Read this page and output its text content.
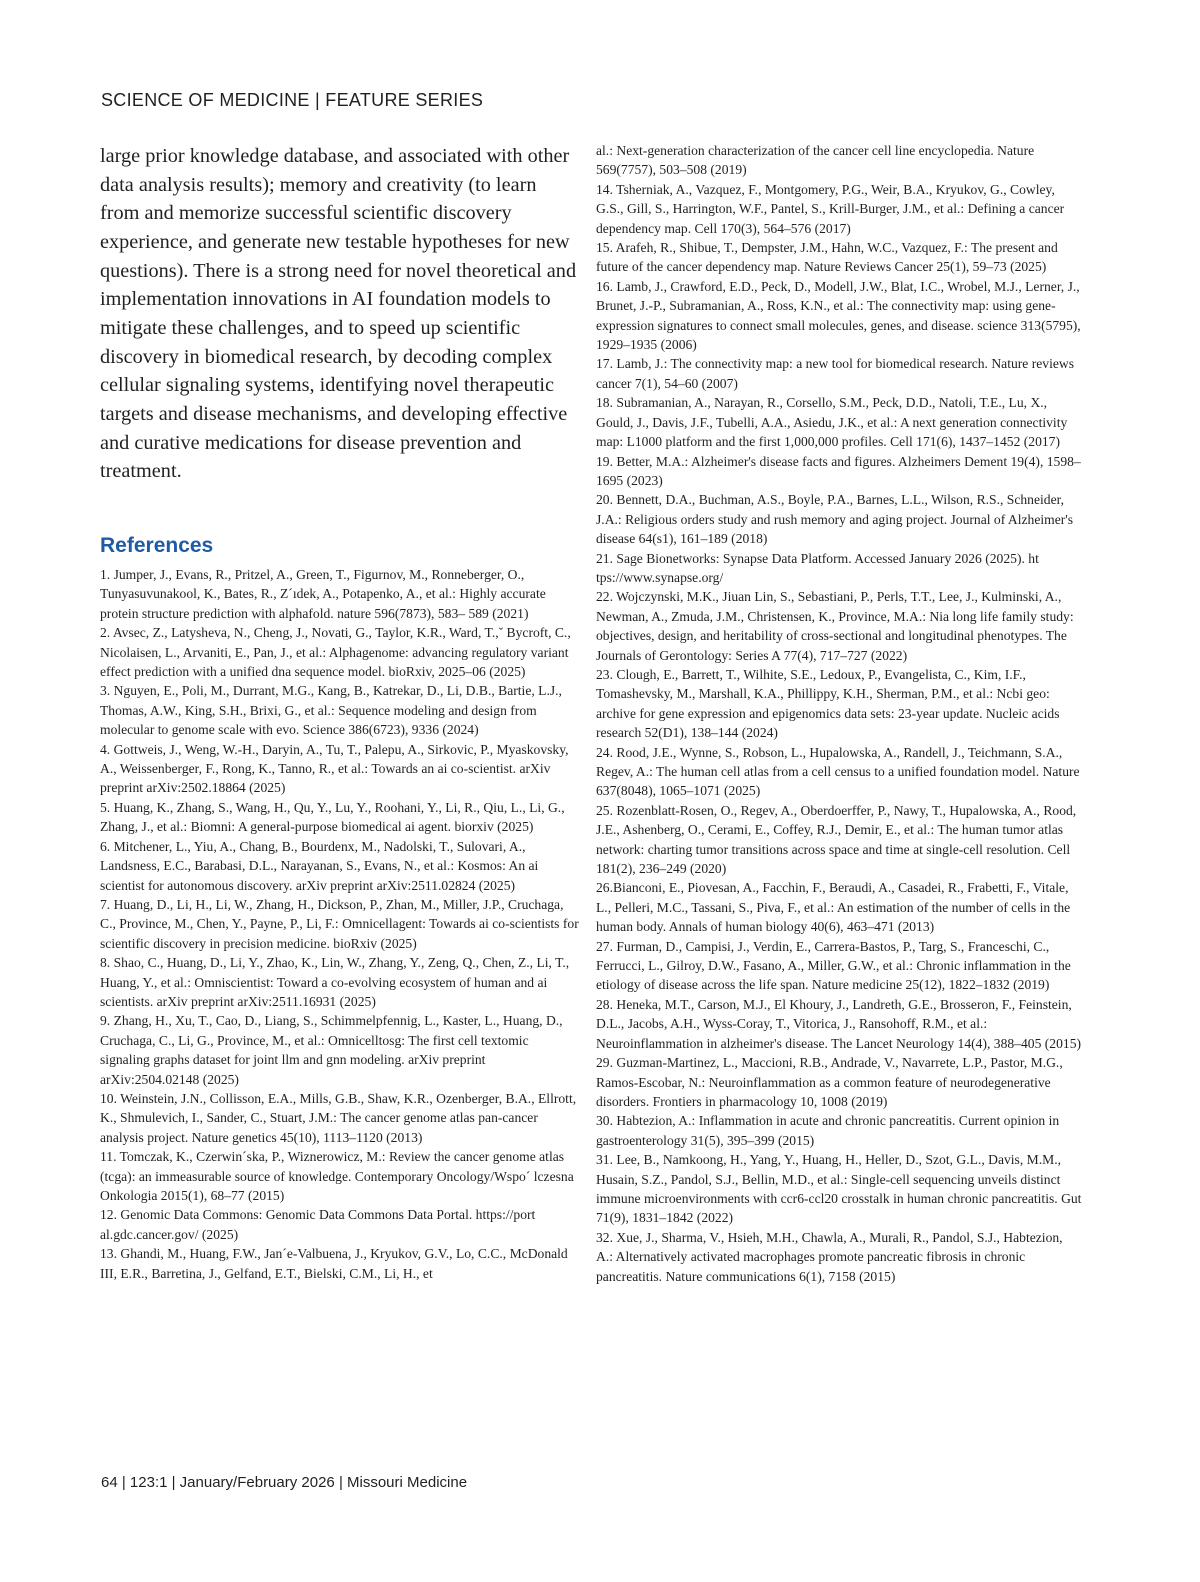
SCIENCE OF MEDICINE | FEATURE SERIES

large prior knowledge database, and associated with other data analysis results); memory and creativity (to learn from and memorize successful scientific discovery experience, and generate new testable hypotheses for new questions). There is a strong need for novel theoretical and implementation innovations in AI foundation models to mitigate these challenges, and to speed up scientific discovery in biomedical research, by decoding complex cellular signaling systems, identifying novel therapeutic targets and disease mechanisms, and developing effective and curative medications for disease prevention and treatment.

References

1. Jumper, J., Evans, R., Pritzel, A., Green, T., Figurnov, M., Ronneberger, O., Tunyasuvunakool, K., Bates, R., Z´ıdek, A., Potapenko, A., et al.: Highly accurate protein structure prediction with alphafold. nature 596(7873), 583– 589 (2021)

2. Avsec, Z., Latysheva, N., Cheng, J., Novati, G., Taylor, K.R., Ward, T.,ˇ Bycroft, C., Nicolaisen, L., Arvaniti, E., Pan, J., et al.: Alphagenome: advancing regulatory variant effect prediction with a unified dna sequence model. bioRxiv, 2025–06 (2025)

3. Nguyen, E., Poli, M., Durrant, M.G., Kang, B., Katrekar, D., Li, D.B., Bartie, L.J., Thomas, A.W., King, S.H., Brixi, G., et al.: Sequence modeling and design from molecular to genome scale with evo. Science 386(6723), 9336 (2024)

4. Gottweis, J., Weng, W.-H., Daryin, A., Tu, T., Palepu, A., Sirkovic, P., Myaskovsky, A., Weissenberger, F., Rong, K., Tanno, R., et al.: Towards an ai co-scientist. arXiv preprint arXiv:2502.18864 (2025)

5. Huang, K., Zhang, S., Wang, H., Qu, Y., Lu, Y., Roohani, Y., Li, R., Qiu, L., Li, G., Zhang, J., et al.: Biomni: A general-purpose biomedical ai agent. biorxiv (2025)

6. Mitchener, L., Yiu, A., Chang, B., Bourdenx, M., Nadolski, T., Sulovari, A., Landsness, E.C., Barabasi, D.L., Narayanan, S., Evans, N., et al.: Kosmos: An ai scientist for autonomous discovery. arXiv preprint arXiv:2511.02824 (2025)

7. Huang, D., Li, H., Li, W., Zhang, H., Dickson, P., Zhan, M., Miller, J.P., Cruchaga, C., Province, M., Chen, Y., Payne, P., Li, F.: Omnicellagent: Towards ai co-scientists for scientific discovery in precision medicine. bioRxiv (2025)

8. Shao, C., Huang, D., Li, Y., Zhao, K., Lin, W., Zhang, Y., Zeng, Q., Chen, Z., Li, T., Huang, Y., et al.: Omniscientist: Toward a co-evolving ecosystem of human and ai scientists. arXiv preprint arXiv:2511.16931 (2025)

9. Zhang, H., Xu, T., Cao, D., Liang, S., Schimmelpfennig, L., Kaster, L., Huang, D., Cruchaga, C., Li, G., Province, M., et al.: Omnicelltosg: The first cell textomic signaling graphs dataset for joint llm and gnn modeling. arXiv preprint arXiv:2504.02148 (2025)

10. Weinstein, J.N., Collisson, E.A., Mills, G.B., Shaw, K.R., Ozenberger, B.A., Ellrott, K., Shmulevich, I., Sander, C., Stuart, J.M.: The cancer genome atlas pan-cancer analysis project. Nature genetics 45(10), 1113–1120 (2013)

11. Tomczak, K., Czerwin´ska, P., Wiznerowicz, M.: Review the cancer genome atlas (tcga): an immeasurable source of knowledge. Contemporary Oncology/Wspo´ lczesna Onkologia 2015(1), 68–77 (2015)

12. Genomic Data Commons: Genomic Data Commons Data Portal. https://port al.gdc.cancer.gov/ (2025)

13. Ghandi, M., Huang, F.W., Jan´e-Valbuena, J., Kryukov, G.V., Lo, C.C., McDonald III, E.R., Barretina, J., Gelfand, E.T., Bielski, C.M., Li, H., et

al.: Next-generation characterization of the cancer cell line encyclopedia. Nature 569(7757), 503–508 (2019)

14. Tsherniak, A., Vazquez, F., Montgomery, P.G., Weir, B.A., Kryukov, G., Cowley, G.S., Gill, S., Harrington, W.F., Pantel, S., Krill-Burger, J.M., et al.: Defining a cancer dependency map. Cell 170(3), 564–576 (2017)

15. Arafeh, R., Shibue, T., Dempster, J.M., Hahn, W.C., Vazquez, F.: The present and future of the cancer dependency map. Nature Reviews Cancer 25(1), 59–73 (2025)

16. Lamb, J., Crawford, E.D., Peck, D., Modell, J.W., Blat, I.C., Wrobel, M.J., Lerner, J., Brunet, J.-P., Subramanian, A., Ross, K.N., et al.: The connectivity map: using gene-expression signatures to connect small molecules, genes, and disease. science 313(5795), 1929–1935 (2006)

17. Lamb, J.: The connectivity map: a new tool for biomedical research. Nature reviews cancer 7(1), 54–60 (2007)

18. Subramanian, A., Narayan, R., Corsello, S.M., Peck, D.D., Natoli, T.E., Lu, X., Gould, J., Davis, J.F., Tubelli, A.A., Asiedu, J.K., et al.: A next generation connectivity map: L1000 platform and the first 1,000,000 profiles. Cell 171(6), 1437–1452 (2017)

19. Better, M.A.: Alzheimer's disease facts and figures. Alzheimers Dement 19(4), 1598–1695 (2023)

20. Bennett, D.A., Buchman, A.S., Boyle, P.A., Barnes, L.L., Wilson, R.S., Schneider, J.A.: Religious orders study and rush memory and aging project. Journal of Alzheimer's disease 64(s1), 161–189 (2018)

21. Sage Bionetworks: Synapse Data Platform. Accessed January 2026 (2025). ht tps://www.synapse.org/

22. Wojczynski, M.K., Jiuan Lin, S., Sebastiani, P., Perls, T.T., Lee, J., Kulminski, A., Newman, A., Zmuda, J.M., Christensen, K., Province, M.A.: Nia long life family study: objectives, design, and heritability of cross-sectional and longitudinal phenotypes. The Journals of Gerontology: Series A 77(4), 717–727 (2022)

23. Clough, E., Barrett, T., Wilhite, S.E., Ledoux, P., Evangelista, C., Kim, I.F., Tomashevsky, M., Marshall, K.A., Phillippy, K.H., Sherman, P.M., et al.: Ncbi geo: archive for gene expression and epigenomics data sets: 23-year update. Nucleic acids research 52(D1), 138–144 (2024)

24. Rood, J.E., Wynne, S., Robson, L., Hupalowska, A., Randell, J., Teichmann, S.A., Regev, A.: The human cell atlas from a cell census to a unified foundation model. Nature 637(8048), 1065–1071 (2025)

25. Rozenblatt-Rosen, O., Regev, A., Oberdoerffer, P., Nawy, T., Hupalowska, A., Rood, J.E., Ashenberg, O., Cerami, E., Coffey, R.J., Demir, E., et al.: The human tumor atlas network: charting tumor transitions across space and time at single-cell resolution. Cell 181(2), 236–249 (2020)

26.Bianconi, E., Piovesan, A., Facchin, F., Beraudi, A., Casadei, R., Frabetti, F., Vitale, L., Pelleri, M.C., Tassani, S., Piva, F., et al.: An estimation of the number of cells in the human body. Annals of human biology 40(6), 463–471 (2013)

27. Furman, D., Campisi, J., Verdin, E., Carrera-Bastos, P., Targ, S., Franceschi, C., Ferrucci, L., Gilroy, D.W., Fasano, A., Miller, G.W., et al.: Chronic inflammation in the etiology of disease across the life span. Nature medicine 25(12), 1822–1832 (2019)

28. Heneka, M.T., Carson, M.J., El Khoury, J., Landreth, G.E., Brosseron, F., Feinstein, D.L., Jacobs, A.H., Wyss-Coray, T., Vitorica, J., Ransohoff, R.M., et al.: Neuroinflammation in alzheimer's disease. The Lancet Neurology 14(4), 388–405 (2015)

29. Guzman-Martinez, L., Maccioni, R.B., Andrade, V., Navarrete, L.P., Pastor, M.G., Ramos-Escobar, N.: Neuroinflammation as a common feature of neurodegenerative disorders. Frontiers in pharmacology 10, 1008 (2019)

30. Habtezion, A.: Inflammation in acute and chronic pancreatitis. Current opinion in gastroenterology 31(5), 395–399 (2015)

31. Lee, B., Namkoong, H., Yang, Y., Huang, H., Heller, D., Szot, G.L., Davis, M.M., Husain, S.Z., Pandol, S.J., Bellin, M.D., et al.: Single-cell sequencing unveils distinct immune microenvironments with ccr6-ccl20 crosstalk in human chronic pancreatitis. Gut 71(9), 1831–1842 (2022)

32. Xue, J., Sharma, V., Hsieh, M.H., Chawla, A., Murali, R., Pandol, S.J., Habtezion, A.: Alternatively activated macrophages promote pancreatic fibrosis in chronic pancreatitis. Nature communications 6(1), 7158 (2015)

64 | 123:1 | January/February 2026 | Missouri Medicine
